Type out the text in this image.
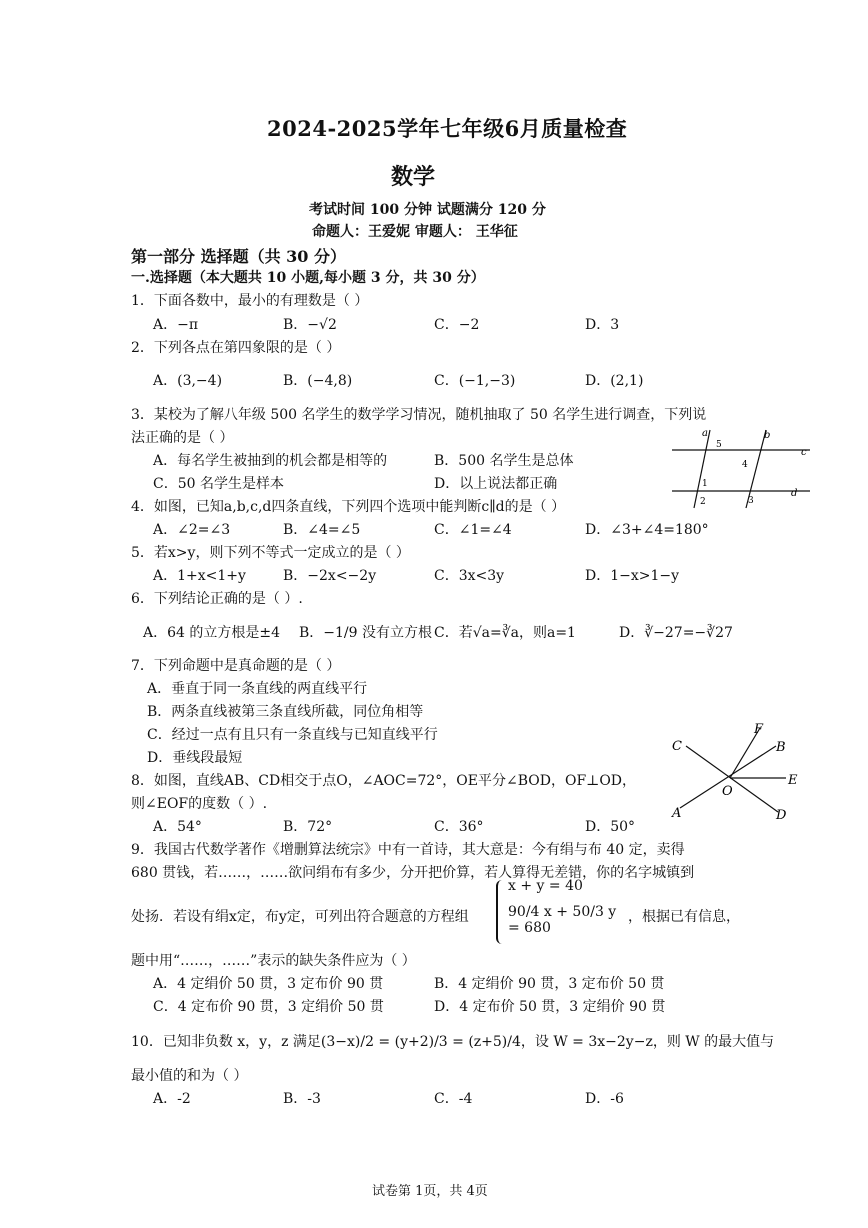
2024-2025学年七年级6月质量检查
数学
考试时间 100 分钟 试题满分 120 分
命题人：王爱妮 审题人： 王华征
第一部分 选择题（共 30 分）
一.选择题（本大题共 10 小题,每小题 3 分，共 30 分）
1．下面各数中，最小的有理数是（ ）
A．−π	B．−√2	C．−2	D．3
2．下列各点在第四象限的是（ ）
A．(3,−4)	B．(−4,8)	C．(−1,−3)	D．(2,1)
3．某校为了解八年级 500 名学生的数学学习情况，随机抽取了 50 名学生进行调查，下列说
法正确的是（ ）
A．每名学生被抽到的机会都是相等的	B．500 名学生是总体
C．50 名学生是样本	D．以上说法都正确
a	b
c
d
1
2	3
4
5
4．如图，已知a,b,c,d四条直线，下列四个选项中能判断c∥d的是（ ）
A．∠2=∠3	B．∠4=∠5	C．∠1=∠4	D．∠3+∠4=180°
5．若x>y，则下列不等式一定成立的是（ ）
A．1+x<1+y	B．−2x<−2y	C．3x<3y	D．1−x>1−y
6．下列结论正确的是（ ）.
A．64 的立方根是±4 B．−1/9 没有立方根 C．若√a=∛a，则a=1	D．∛−27=−∛27
7．下列命题中是真命题的是（ ）
A．垂直于同一条直线的两直线平行
B．两条直线被第三条直线所截，同位角相等
C．经过一点有且只有一条直线与已知直线平行
D．垂线段最短
C
F
B
E
O
A	D
8．如图，直线AB、CD相交于点O，∠AOC=72°，OE平分∠BOD，OF⊥OD，
则∠EOF的度数（ ）.
A．54°	B．72°	C．36°	D．50°
9．我国古代数学著作《增删算法统宗》中有一首诗，其大意是：今有绢与布 40 定，卖得
680 贯钱，若……，……欲问绢布有多少，分开把价算，若人算得无差错，你的名字城镇到
处扬．若设有绢x定，布y定，可列出符合题意的方程组
x + y = 40
90/4 x + 50/3 y = 680
，根据已有信息，
题中用“……，……”表示的缺失条件应为（ ）
A．4 定绢价 50 贯，3 定布价 90 贯	B．4 定绢价 90 贯，3 定布价 50 贯
C．4 定布价 90 贯，3 定绢价 50 贯	D．4 定布价 50 贯，3 定绢价 90 贯
10．已知非负数 x，y，z 满足(3−x)/2 = (y+2)/3 = (z+5)/4，设 W = 3x−2y−z，则 W 的最大值与
最小值的和为（ ）
A．-2	B．-3	C．-4	D．-6
试卷第 1页，共 4页
